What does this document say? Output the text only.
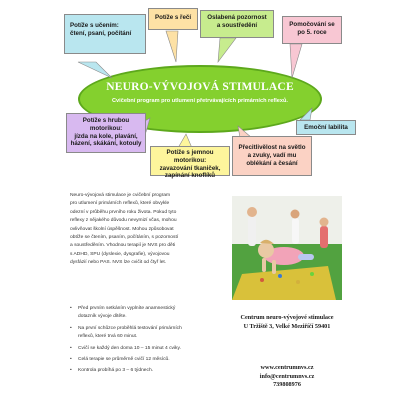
NEURO-VÝVOJOVÁ STIMULACE
Cvičební program pro utlumení přetrvávajících primárních reflexů.
Potíže s učením:
čtení, psaní, počítání
Potíže s řečí	Oslabená pozornost
a soustředění	Pomočování se
po 5. roce
Potíže s hrubou motorikou:
jízda na kole, plavání,
házení, skákání, kotouly
Emoční labilita
Potíže s jemnou motorikou:
zavazování tkaniček,
zapínání knoflíků
Přecitlivělost na světlo
a zvuky, vadí mu
oblékání a česání
Neuro-vývojová stimulace je cvičební program
pro utlumení primárních reflexů, které obvykle
odezní v průběhu prvního roku života. Pokud tyto
reflexy z nějakého důvodu nevymizí včas, mohou
ovlivňovat školní úspěšnost. Mohou způsobovat
obtíže se čtením, psaním, počítáním, s pozorností
a soustředěním. Vhodnou terapií je NVS pro děti
s ADHD, SPU (dyslexie, dysgrafie), vývojovou
dysfázií nebo PAS. NVS lze cvičit od čtyř let.
• Před prvním setkáním vyplníte anamnestický
dotazník vývoje dítěte.
• Na první schůzce proběhlá testování primárních
reflexů, které trvá 60 minut.
• Cvičí se každý den doma 10 – 15 minut 4 cviky.
• Celá terapie se průměrně cvičí 12 měsíců.
• Kontrola probíhá po 3 – 6 týdnech.
Centrum neuro-vývojové stimulace
U Tržiště 3, Velké Meziříčí 59401
www.centrumnvs.cz
info@centrumnvs.cz
739808976
